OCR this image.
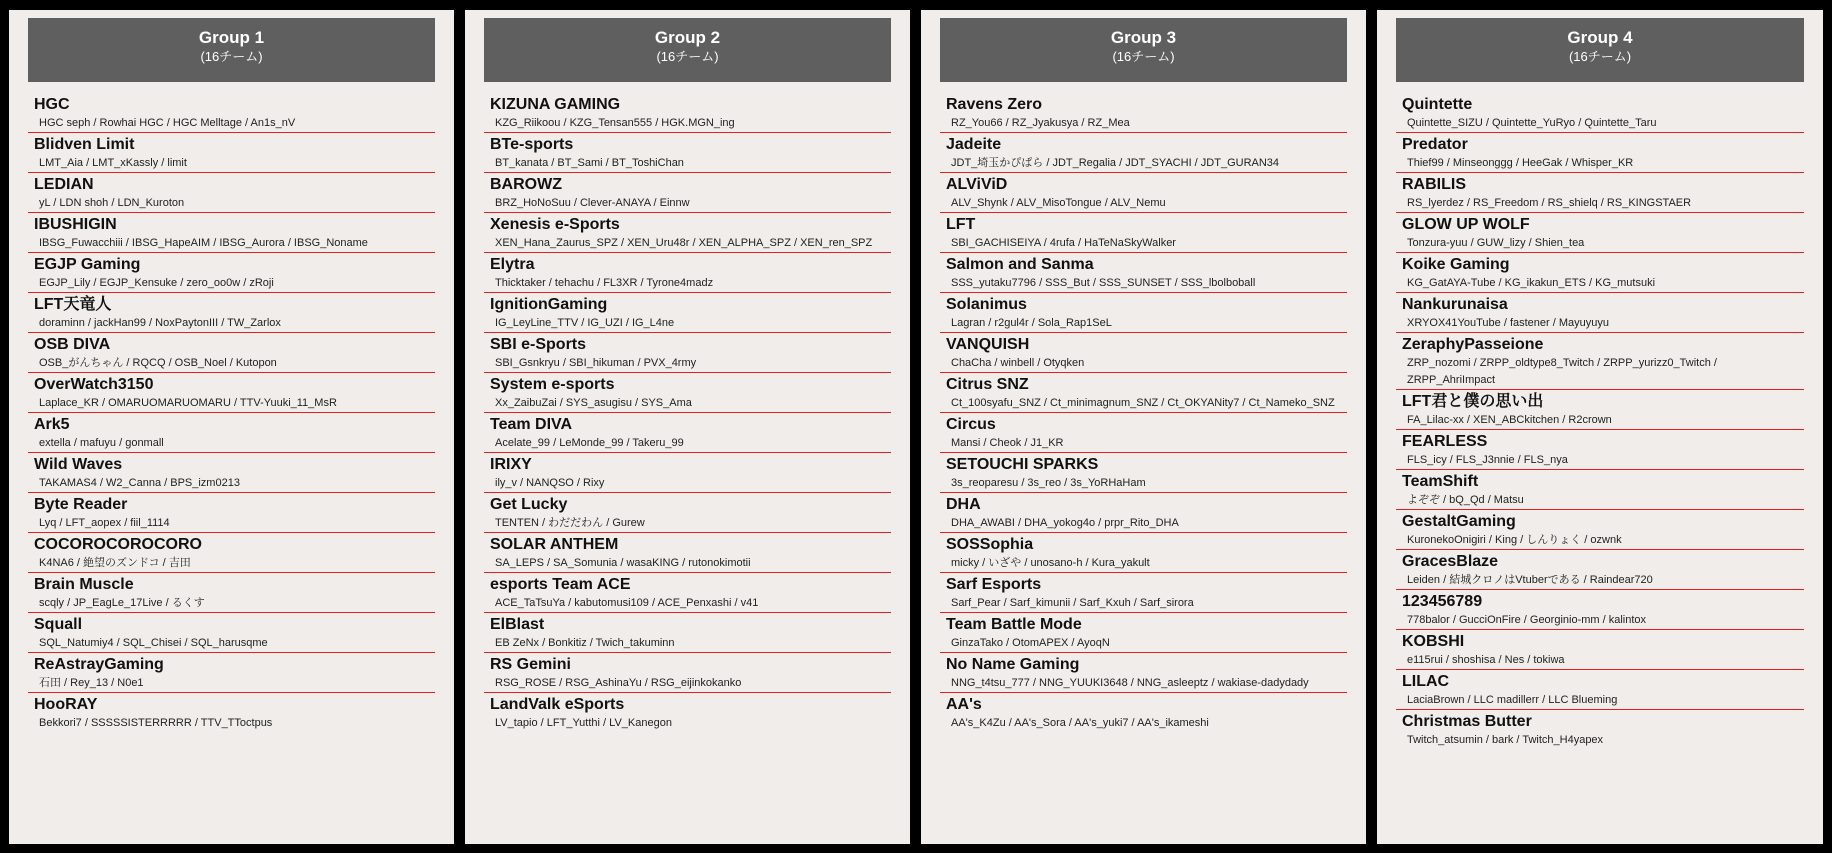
Group 1
(16チーム)
HGC
HGC seph / Rowhai HGC / HGC Melltage / An1s_nV
Blidven Limit
LMT_Aia / LMT_xKassly / limit
LEDIAN
yL / LDN shoh / LDN_Kuroton
IBUSHIGIN
IBSG_Fuwacchiii / IBSG_HapeAIM / IBSG_Aurora / IBSG_Noname
EGJP Gaming
EGJP_Lily / EGJP_Kensuke / zero_oo0w / zRoji
LFT天竜人
doraminn / jackHan99 / NoxPaytonIII / TW_Zarlox
OSB DIVA
OSB_がんちゃん / RQCQ / OSB_Noel / Kutopon
OverWatch3150
Laplace_KR / OMARUOMARUOMARU / TTV-Yuuki_11_MsR
Ark5
extella / mafuyu / gonmall
Wild Waves
TAKAMAS4 / W2_Canna / BPS_izm0213
Byte Reader
Lyq / LFT_aopex / fiil_1114
COCOROCOROCORO
K4NA6 / 絶望のズンドコ / 吉田
Brain Muscle
scqly / JP_EagLe_17Live / るくす
Squall
SQL_Natumiy4 / SQL_Chisei / SQL_harusqme
ReAstrayGaming
石田 / Rey_13 / N0e1
HooRAY
Bekkori7 / SSSSSISTERRRRR / TTV_TToctpus
Group 2
(16チーム)
KIZUNA GAMING
KZG_Riikoou / KZG_Tensan555 / HGK.MGN_ing
BTe-sports
BT_kanata / BT_Sami / BT_ToshiChan
BAROWZ
BRZ_HoNoSuu / Clever-ANAYA / Einnw
Xenesis e-Sports
XEN_Hana_Zaurus_SPZ / XEN_Uru48r / XEN_ALPHA_SPZ / XEN_ren_SPZ
Elytra
Thicktaker / tehachu / FL3XR / Tyrone4madz
IgnitionGaming
IG_LeyLine_TTV / IG_UZI / IG_L4ne
SBI e-Sports
SBI_Gsnkryu / SBI_hikuman / PVX_4rmy
System e-sports
Xx_ZaibuZai / SYS_asugisu / SYS_Ama
Team DIVA
Acelate_99 / LeMonde_99 / Takeru_99
IRIXY
ily_v / NANQSO / Rixy
Get Lucky
TENTEN / わだだわん / Gurew
SOLAR ANTHEM
SA_LEPS / SA_Somunia / wasaKING / rutonokimotii
esports Team ACE
ACE_TaTsuYa / kabutomusi109 / ACE_Penxashi / v41
ElBlast
EB ZeNx / Bonkitiz / Twich_takuminn
RS Gemini
RSG_ROSE / RSG_AshinaYu / RSG_eijinkokanko
LandValk eSports
LV_tapio / LFT_Yutthi / LV_Kanegon
Group 3
(16チーム)
Ravens Zero
RZ_You66 / RZ_Jyakusya / RZ_Mea
Jadeite
JDT_埼玉かぴぱら / JDT_Regalia / JDT_SYACHI / JDT_GURAN34
ALViViD
ALV_Shynk / ALV_MisoTongue / ALV_Nemu
LFT
SBI_GACHISEIYA / 4rufa / HaTeNaSkyWalker
Salmon and Sanma
SSS_yutaku7796 / SSS_But / SSS_SUNSET / SSS_lbolboball
Solanimus
Lagran / r2gul4r / Sola_Rap1SeL
VANQUISH
ChaCha / winbell / Otyqken
Citrus SNZ
Ct_100syafu_SNZ / Ct_minimagnum_SNZ / Ct_OKYANity7 / Ct_Nameko_SNZ
Circus
Mansi / Cheok / J1_KR
SETOUCHI SPARKS
3s_reoparesu / 3s_reo / 3s_YoRHaHam
DHA
DHA_AWABI / DHA_yokog4o / prpr_Rito_DHA
SOSSophia
micky / いざや / unosano-h / Kura_yakult
Sarf Esports
Sarf_Pear / Sarf_kimunii / Sarf_Kxuh / Sarf_sirora
Team Battle Mode
GinzaTako / OtomAPEX / AyoqN
No Name Gaming
NNG_t4tsu_777 / NNG_YUUKI3648 / NNG_asleeptz / wakiase-dadydady
AA's
AA's_K4Zu / AA's_Sora / AA's_yuki7 / AA's_ikameshi
Group 4
(16チーム)
Quintette
Quintette_SIZU / Quintette_YuRyo / Quintette_Taru
Predator
Thief99 / Minseonggg / HeeGak / Whisper_KR
RABILIS
RS_lyerdez / RS_Freedom / RS_shielq / RS_KINGSTAER
GLOW UP WOLF
Tonzura-yuu / GUW_lizy / Shien_tea
Koike Gaming
KG_GatAYA-Tube / KG_ikakun_ETS / KG_mutsuki
Nankurunaisa
XRYOX41YouTube / fastener / Mayuyuyu
ZeraphyPasseione
ZRP_nozomi / ZRPP_oldtype8_Twitch / ZRPP_yurizz0_Twitch / ZRPP_AhriImpact
LFT君と僕の思い出
FA_Lilac-xx / XEN_ABCkitchen / R2crown
FEARLESS
FLS_icy / FLS_J3nnie / FLS_nya
TeamShift
よぞぞ / bQ_Qd / Matsu
GestaltGaming
KuronekoOnigiri / King / しんりょく / ozwnk
GracesBlaze
Leiden / 結城クロノはVtuberである / Raindear720
123456789
778balor / GucciOnFire / Georginio-mm / kalintox
KOBSHI
e115rui / shoshisa / Nes / tokiwa
LILAC
LaciaBrown / LLC madillerr / LLC Blueming
Christmas Butter
Twitch_atsumin / bark / Twitch_H4yapex
